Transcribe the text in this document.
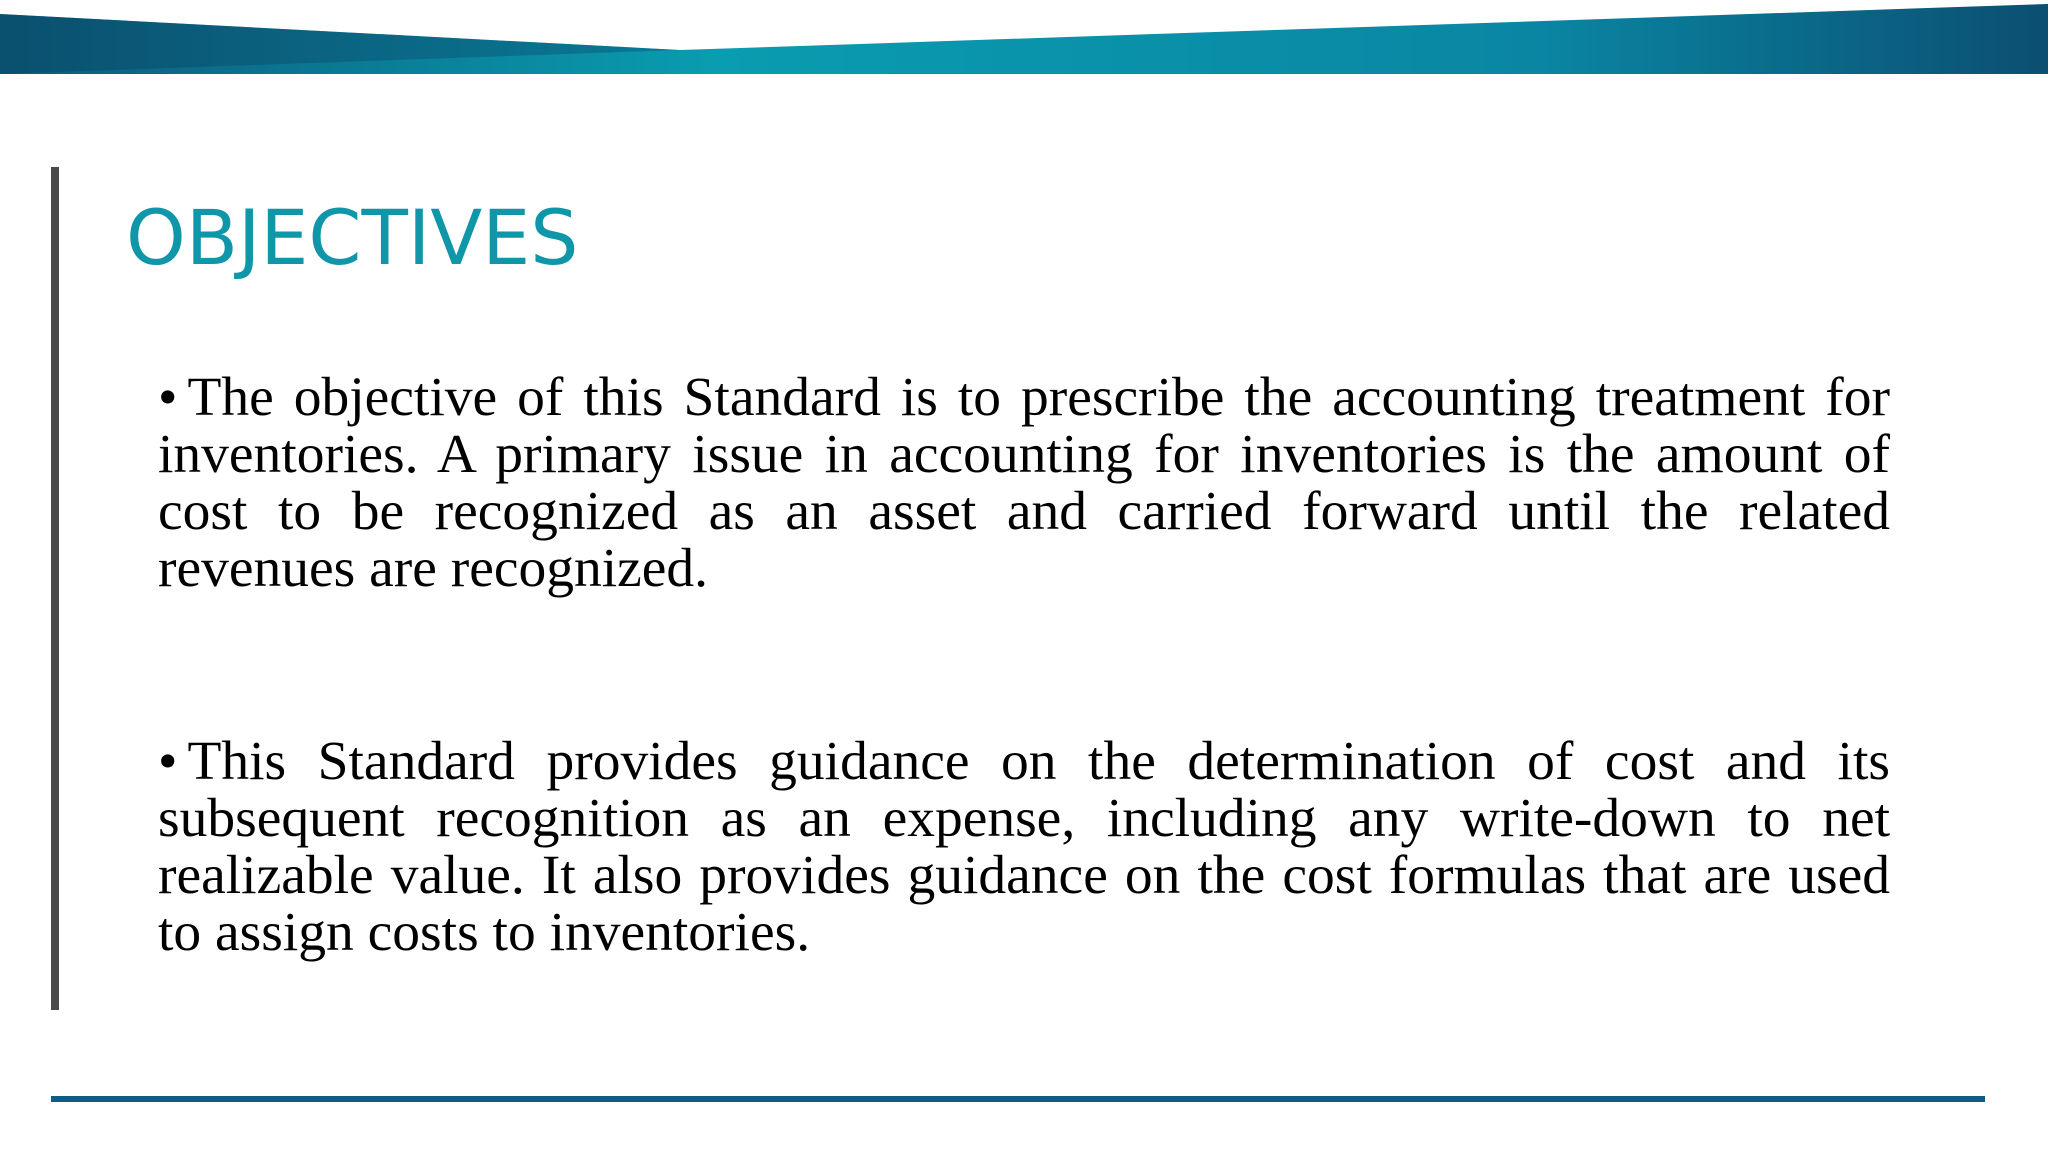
OBJECTIVES

• The objective of this Standard is to prescribe the accounting treatment for inventories. A primary issue in accounting for inventories is the amount of cost to be recognized as an asset and carried forward until the related revenues are recognized.

• This Standard provides guidance on the determination of cost and its subsequent recognition as an expense, including any write-down to net realizable value. It also provides guidance on the cost formulas that are used to assign costs to inventories.
